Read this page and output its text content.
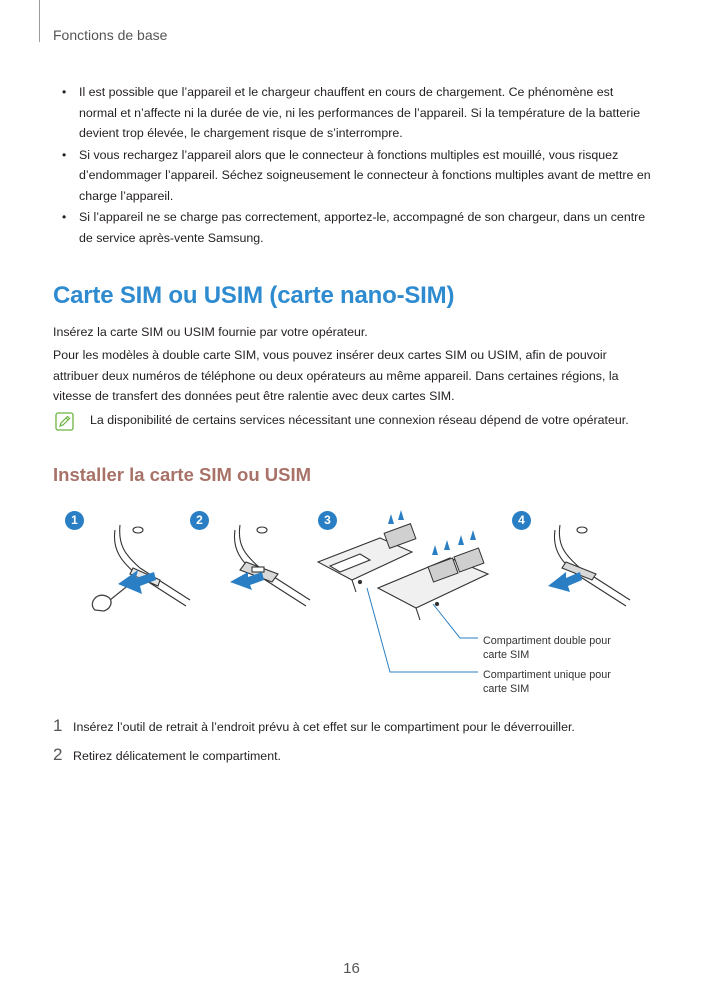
Fonctions de base
• Il est possible que l’appareil et le chargeur chauffent en cours de chargement. Ce phénomène est normal et n’affecte ni la durée de vie, ni les performances de l’appareil. Si la température de la batterie devient trop élevée, le chargement risque de s’interrompre.
• Si vous rechargez l’appareil alors que le connecteur à fonctions multiples est mouillé, vous risquez d’endommager l’appareil. Séchez soigneusement le connecteur à fonctions multiples avant de mettre en charge l’appareil.
• Si l’appareil ne se charge pas correctement, apportez-le, accompagné de son chargeur, dans un centre de service après-vente Samsung.
Carte SIM ou USIM (carte nano-SIM)
Insérez la carte SIM ou USIM fournie par votre opérateur.
Pour les modèles à double carte SIM, vous pouvez insérer deux cartes SIM ou USIM, afin de pouvoir attribuer deux numéros de téléphone ou deux opérateurs au même appareil. Dans certaines régions, la vitesse de transfert des données peut être ralentie avec deux cartes SIM.
La disponibilité de certains services nécessitant une connexion réseau dépend de votre opérateur.
Installer la carte SIM ou USIM
1	2	3	4
Compartiment double pour carte SIM
Compartiment unique pour carte SIM
1 Insérez l’outil de retrait à l’endroit prévu à cet effet sur le compartiment pour le déverrouiller.
2 Retirez délicatement le compartiment.
16
